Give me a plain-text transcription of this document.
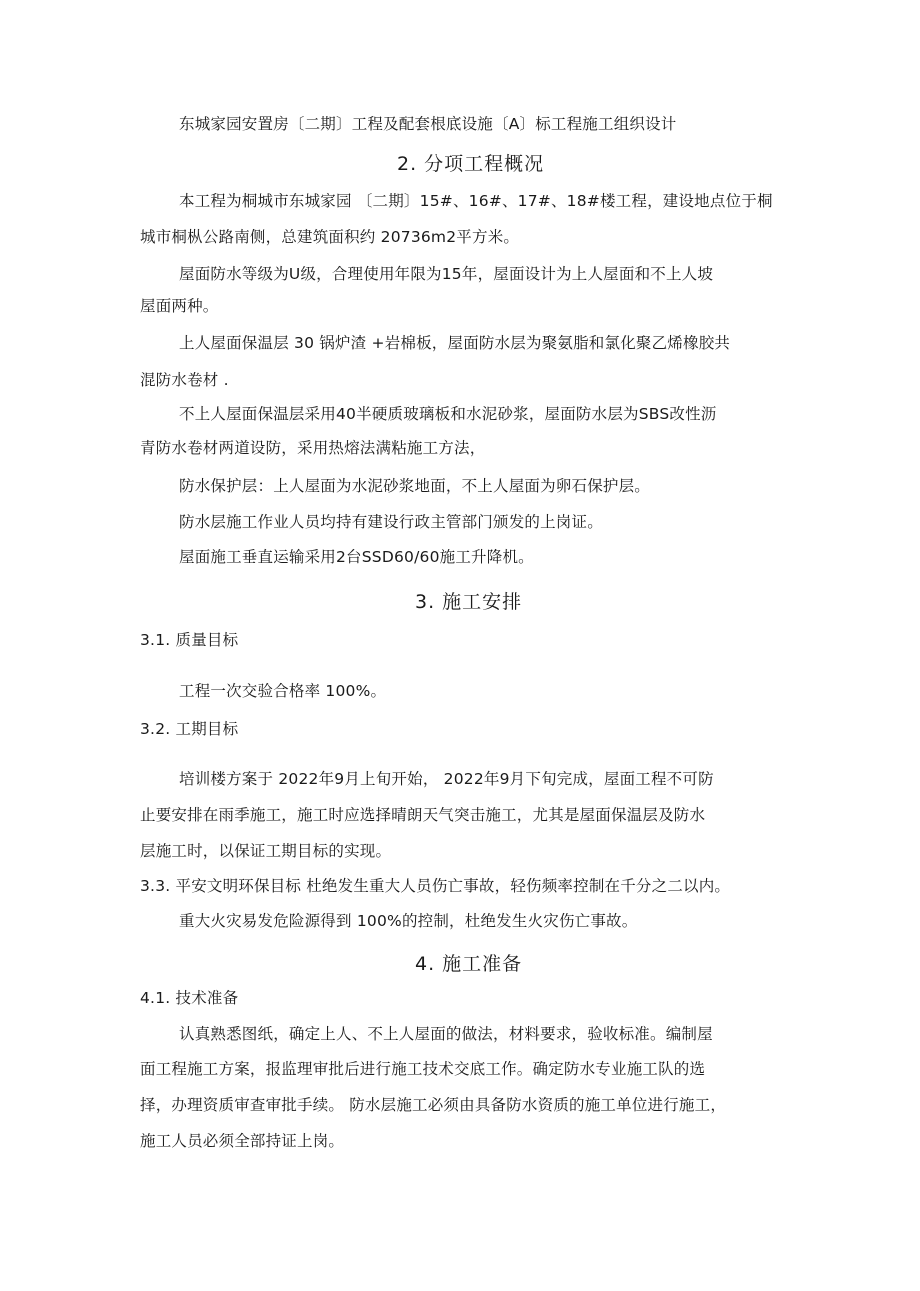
东城家园安置房〔二期〕工程及配套根底设施〔A〕标工程施工组织设计
2. 分项工程概况
本工程为桐城市东城家园 〔二期〕15#、16#、17#、18#楼工程，建设地点位于桐
城市桐枞公路南侧，总建筑面积约 20736m2平方米。
屋面防水等级为U级，合理使用年限为15年，屋面设计为上人屋面和不上人坡
屋面两种。
上人屋面保温层 30 锅炉渣 +岩棉板，屋面防水层为聚氨脂和氯化聚乙烯橡胶共
混防水卷材 .
不上人屋面保温层采用40半硬质玻璃板和水泥砂浆，屋面防水层为SBS改性沥
青防水卷材两道设防，采用热熔法满粘施工方法，
防水保护层：上人屋面为水泥砂浆地面，不上人屋面为卵石保护层。
防水层施工作业人员均持有建设行政主管部门颁发的上岗证。
屋面施工垂直运输采用2台SSD60/60施工升降机。
3. 施工安排
3.1. 质量目标
工程一次交验合格率 100%。
3.2. 工期目标
培训楼方案于 2022年9月上旬开始， 2022年9月下旬完成，屋面工程不可防
止要安排在雨季施工，施工时应选择晴朗天气突击施工，尤其是屋面保温层及防水
层施工时，以保证工期目标的实现。
3.3. 平安文明环保目标 杜绝发生重大人员伤亡事故，轻伤频率控制在千分之二以内。
重大火灾易发危险源得到 100%的控制，杜绝发生火灾伤亡事故。
4. 施工准备
4.1. 技术准备
认真熟悉图纸，确定上人、不上人屋面的做法，材料要求，验收标准。编制屋
面工程施工方案，报监理审批后进行施工技术交底工作。确定防水专业施工队的选
择，办理资质审查审批手续。 防水层施工必须由具备防水资质的施工单位进行施工，
施工人员必须全部持证上岗。
